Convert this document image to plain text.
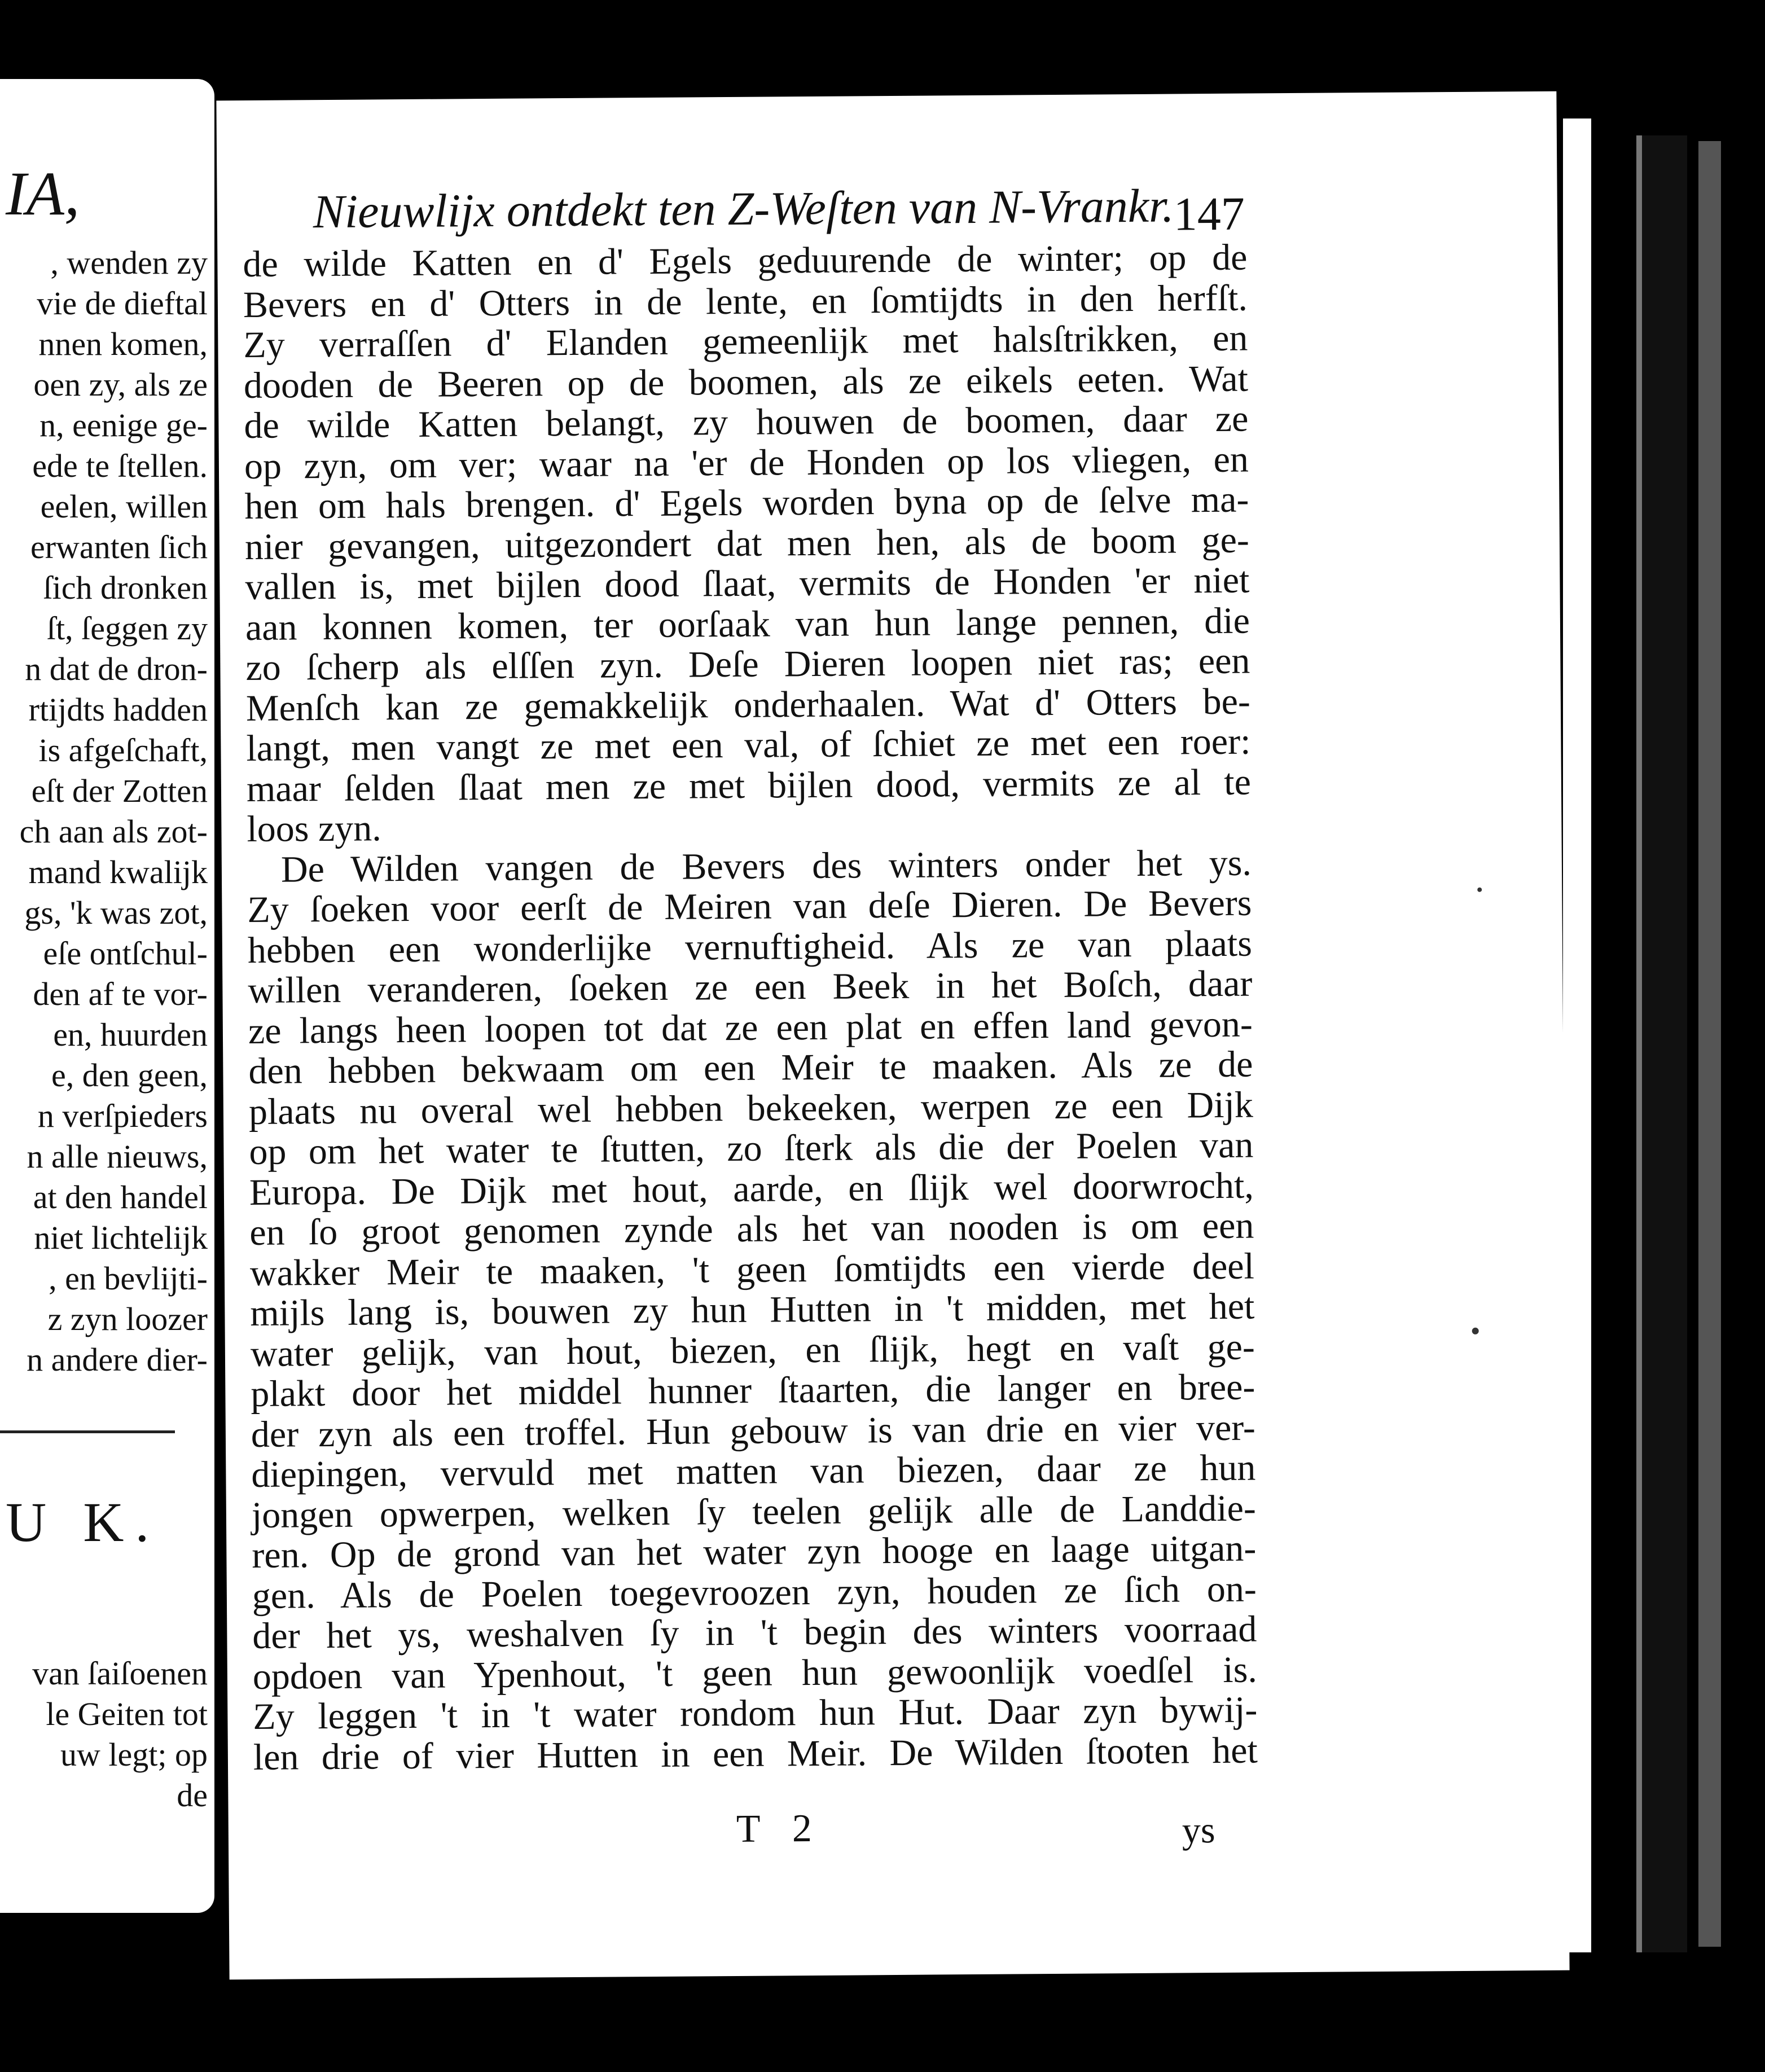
IA,
, wenden zy
vie de dieftal
nnen komen,
oen zy, als ze
n, eenige ge-
ede te ſtellen.
eelen, willen
erwanten ſich
ſich dronken
ſt, ſeggen zy
n dat de dron-
rtijdts hadden
is afgeſchaft,
eſt der Zotten
ch aan als zot-
mand kwalijk
gs, 'k was zot,
eſe ontſchul-
den af te vor-
en, huurden
e, den geen,
n verſpieders
n alle nieuws,
at den handel
niet lichtelijk
, en bevlijti-
z zyn loozer
n andere dier-
U K.
van ſaiſoenen
le Geiten tot
uw legt; op
de
Nieuwlijx ontdekt ten Z-Weſten van N-Vrankr.
147
de wilde Katten en d' Egels geduurende de winter; op de
Bevers en d' Otters in de lente, en ſomtijdts in den herfſt.
Zy verraſſen d' Elanden gemeenlijk met halsſtrikken, en
dooden de Beeren op de boomen, als ze eikels eeten. Wat
de wilde Katten belangt, zy houwen de boomen, daar ze
op zyn, om ver; waar na 'er de Honden op los vliegen, en
hen om hals brengen. d' Egels worden byna op de ſelve ma-
nier gevangen, uitgezondert dat men hen, als de boom ge-
vallen is, met bijlen dood ſlaat, vermits de Honden 'er niet
aan konnen komen, ter oorſaak van hun lange pennen, die
zo ſcherp als elſſen zyn. Deſe Dieren loopen niet ras; een
Menſch kan ze gemakkelijk onderhaalen. Wat d' Otters be-
langt, men vangt ze met een val, of ſchiet ze met een roer:
maar ſelden ſlaat men ze met bijlen dood, vermits ze al te
loos zyn.
De Wilden vangen de Bevers des winters onder het ys.
Zy ſoeken voor eerſt de Meiren van deſe Dieren. De Bevers
hebben een wonderlijke vernuftigheid. Als ze van plaats
willen veranderen, ſoeken ze een Beek in het Boſch, daar
ze langs heen loopen tot dat ze een plat en effen land gevon-
den hebben bekwaam om een Meir te maaken. Als ze de
plaats nu overal wel hebben bekeeken, werpen ze een Dijk
op om het water te ſtutten, zo ſterk als die der Poelen van
Europa. De Dijk met hout, aarde, en ſlijk wel doorwrocht,
en ſo groot genomen zynde als het van nooden is om een
wakker Meir te maaken, 't geen ſomtijdts een vierde deel
mijls lang is, bouwen zy hun Hutten in 't midden, met het
water gelijk, van hout, biezen, en ſlijk, hegt en vaſt ge-
plakt door het middel hunner ſtaarten, die langer en bree-
der zyn als een troffel. Hun gebouw is van drie en vier ver-
diepingen, vervuld met matten van biezen, daar ze hun
jongen opwerpen, welken ſy teelen gelijk alle de Landdie-
ren. Op de grond van het water zyn hooge en laage uitgan-
gen. Als de Poelen toegevroozen zyn, houden ze ſich on-
der het ys, weshalven ſy in 't begin des winters voorraad
opdoen van Ypenhout, 't geen hun gewoonlijk voedſel is.
Zy leggen 't in 't water rondom hun Hut. Daar zyn bywij-
len drie of vier Hutten in een Meir. De Wilden ſtooten het
T 2	ys
